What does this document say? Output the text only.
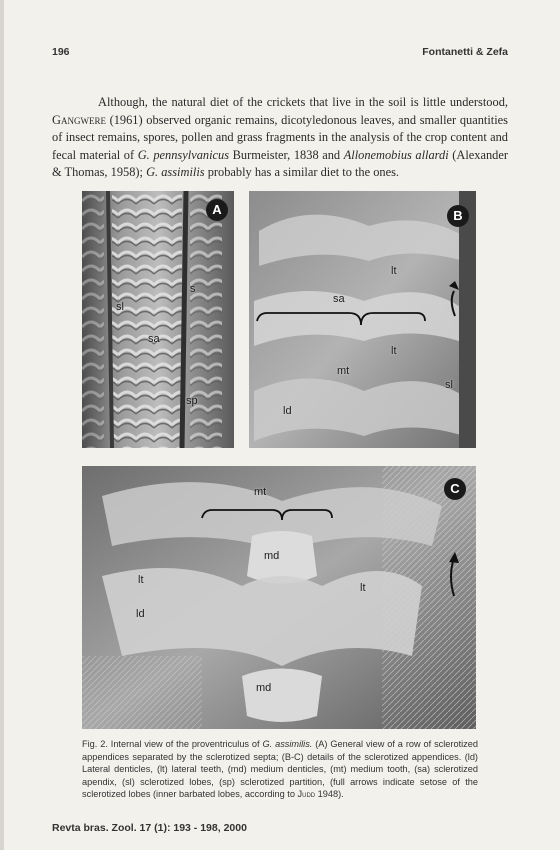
196	Fontanetti & Zefa

Although, the natural diet of the crickets that live in the soil is little understood, Gangwere (1961) observed organic remains, dicotyledonous leaves, and smaller quantities of insect remains, spores, pollen and grass fragments in the analysis of the crop content and fecal material of G. pennsylvanicus Burmeister, 1838 and Allonemobius allardi (Alexander & Thomas, 1958); G. assimilis probably has a similar diet to the ones.

sl
s
sa
sp
A
lt
sa
lt
mt
ld
sl
B
mt
md
lt
lt
ld
md
C
Fig. 2. Internal view of the proventriculus of G. assimilis. (A) General view of a row of sclerotized appendices separated by the sclerotized septa; (B-C) details of the sclerotized appendices. (ld) Lateral denticles, (lt) lateral teeth, (md) medium denticles, (mt) medium tooth, (sa) sclerotized apendix, (sl) sclerotized lobes, (sp) sclerotized partition, (full arrows indicate setose of the sclerotized lobes (inner barbated lobes, according to Judd 1948).
Revta bras. Zool. 17 (1): 193 - 198, 2000
